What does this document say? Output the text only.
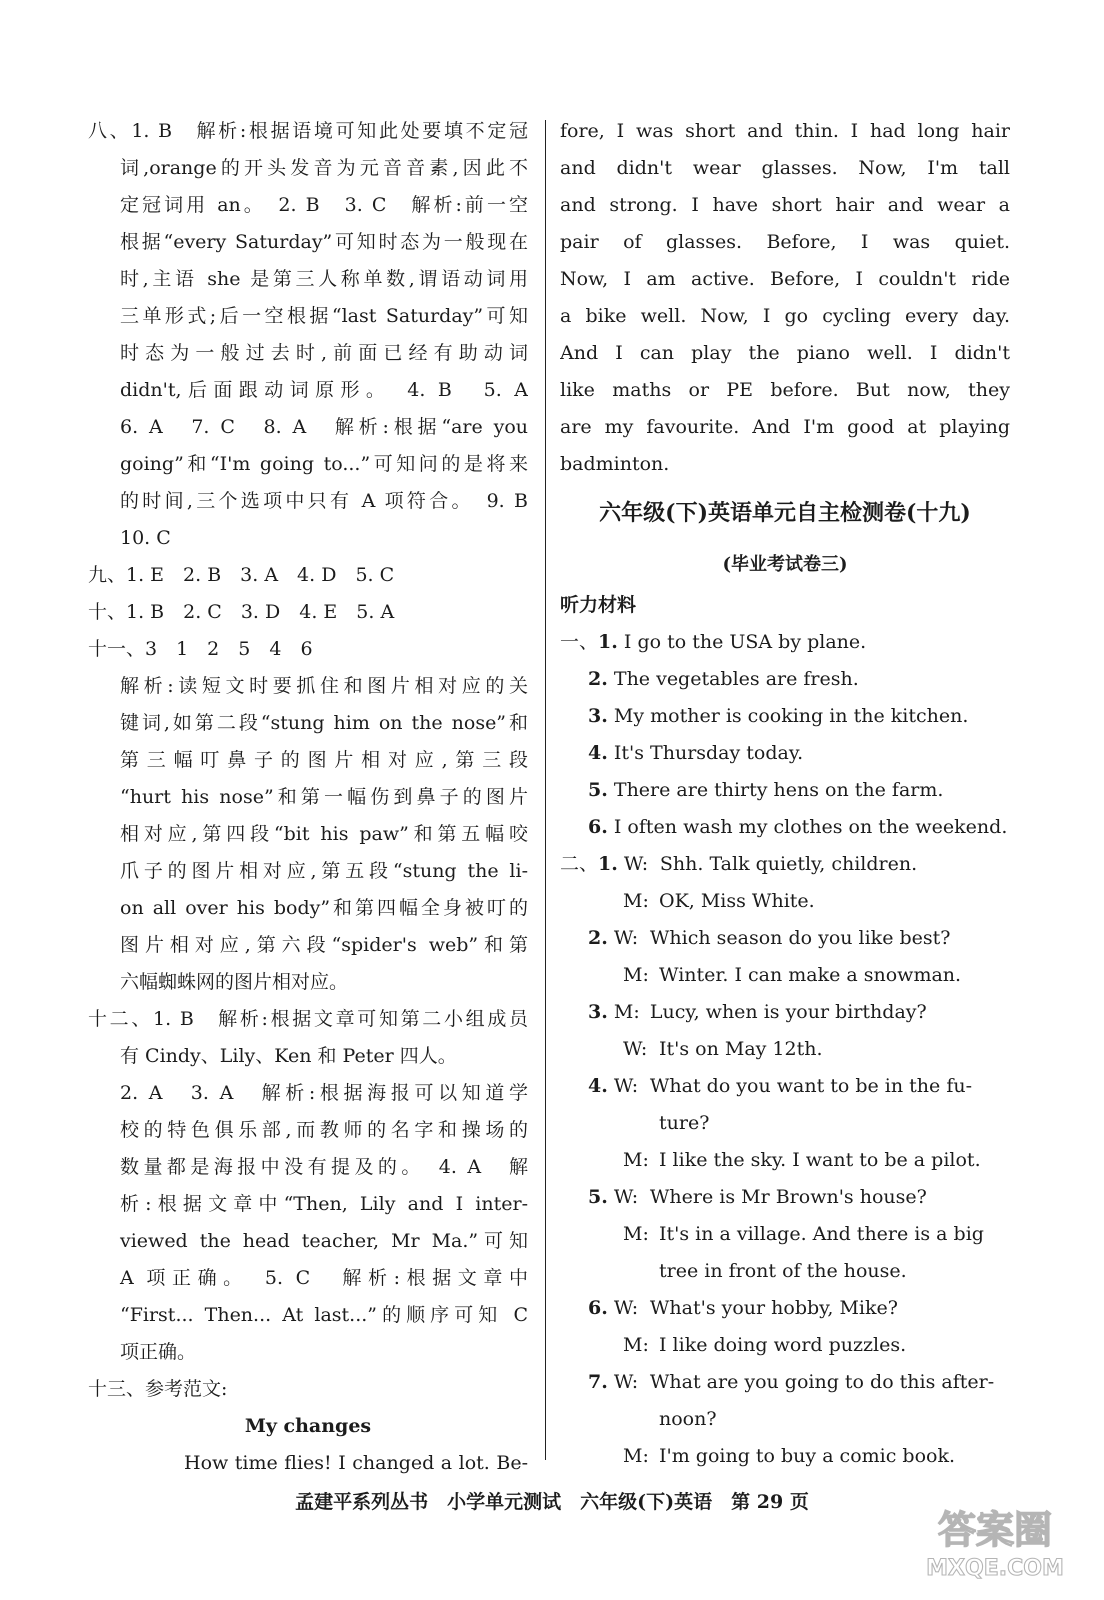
八、1. B　解析:根据语境可知此处要填不定冠
词,orange的开头发音为元音音素,因此不
定冠词用 an。　2. B　3. C　解析:前一空
根据“every Saturday”可知时态为一般现在
时,主语 she 是第三人称单数,谓语动词用
三单形式;后一空根据“last Saturday”可知
时态为一般过去时,前面已经有助动词
didn't,后面跟动词原形。　4. B　5. A
6. A　7. C　8. A　解析:根据“are you
going”和“I'm going to...”可知问的是将来
的时间,三个选项中只有 A 项符合。　9. B
10. C
九、1. E　2. B　3. A　4. D　5. C
十、1. B　2. C　3. D　4. E　5. A
十一、3　1　2　5　4　6
解析:读短文时要抓住和图片相对应的关
键词,如第二段“stung him on the nose”和
第三幅叮鼻子的图片相对应,第三段
“hurt his nose”和第一幅伤到鼻子的图片
相对应,第四段“bit his paw”和第五幅咬
爪子的图片相对应,第五段“stung the li-
on all over his body”和第四幅全身被叮的
图片相对应,第六段“spider's web”和第
六幅蜘蛛网的图片相对应。
十二、1. B　解析:根据文章可知第二小组成员
有 Cindy、Lily、Ken 和 Peter 四人。
2. A　3. A　解析:根据海报可以知道学
校的特色俱乐部,而教师的名字和操场的
数量都是海报中没有提及的。　4. A　解
析:根据文章中“Then, Lily and I inter-
viewed the head teacher, Mr Ma.”可知
A 项正确。　5. C　解析:根据文章中
“First... Then... At last...”的顺序可知 C
项正确。
十三、参考范文:
My changes
How time flies! I changed a lot. Be-
fore, I was short and thin. I had long hair
and didn't wear glasses. Now, I'm tall
and strong. I have short hair and wear a
pair of glasses. Before, I was quiet.
Now, I am active. Before, I couldn't ride
a bike well. Now, I go cycling every day.
And I can play the piano well. I didn't
like maths or PE before. But now, they
are my favourite. And I'm good at playing
badminton.
六年级(下)英语单元自主检测卷(十九)
(毕业考试卷三)
听力材料
一、1. I go to the USA by plane.
2. The vegetables are fresh.
3. My mother is cooking in the kitchen.
4. It's Thursday today.
5. There are thirty hens on the farm.
6. I often wash my clothes on the weekend.
二、1. W: Shh. Talk quietly, children.
M: OK, Miss White.
2. W: Which season do you like best?
M: Winter. I can make a snowman.
3. M: Lucy, when is your birthday?
W: It's on May 12th.
4. W: What do you want to be in the fu-
ture?
M: I like the sky. I want to be a pilot.
5. W: Where is Mr Brown's house?
M: It's in a village. And there is a big
tree in front of the house.
6. W: What's your hobby, Mike?
M: I like doing word puzzles.
7. W: What are you going to do this after-
noon?
M: I'm going to buy a comic book.
孟建平系列丛书　小学单元测试　六年级(下)英语　第 29 页
答案圈
MXQE.COM
